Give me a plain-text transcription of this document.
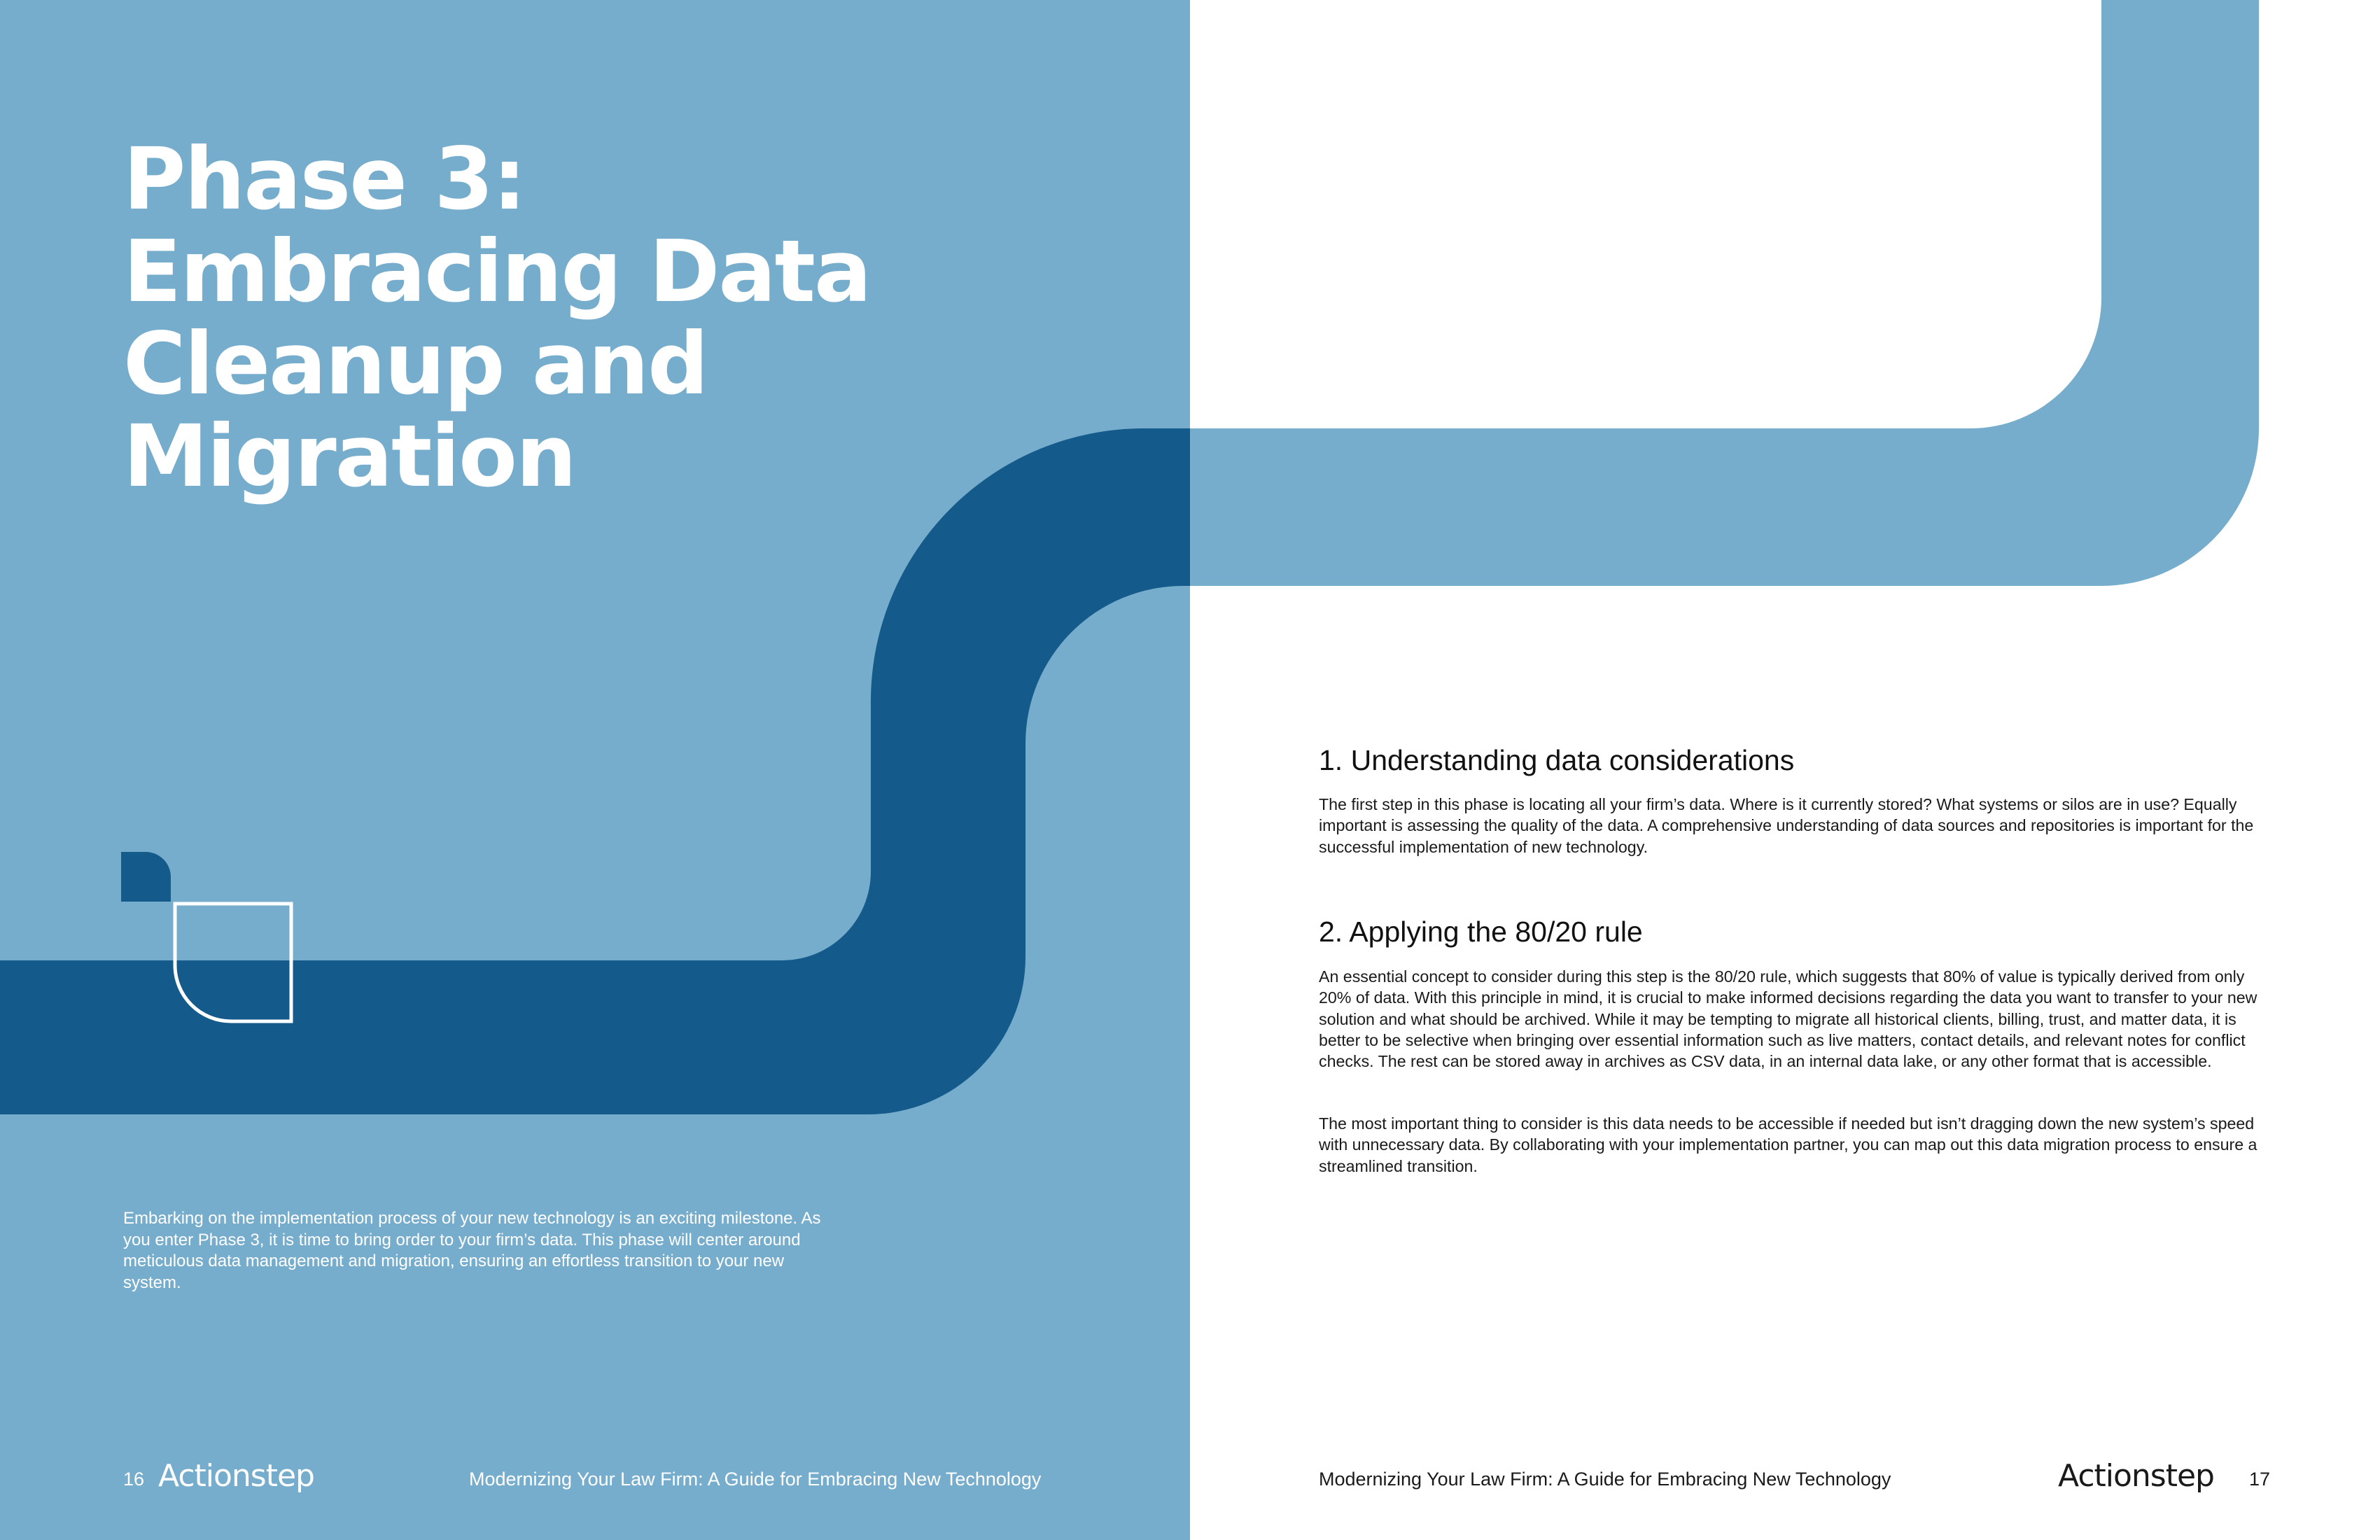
Phase 3:
Embracing Data
Cleanup and
Migration

Embarking on the implementation process of your new technology is an exciting milestone. As you enter Phase 3, it is time to bring order to your firm’s data. This phase will center around meticulous data management and migration, ensuring an effortless transition to your new system.

1. Understanding data considerations

The first step in this phase is locating all your firm’s data. Where is it currently stored? What systems or silos are in use? Equally important is assessing the quality of the data. A comprehensive understanding of data sources and repositories is important for the successful implementation of new technology.

2. Applying the 80/20 rule

An essential concept to consider during this step is the 80/20 rule, which suggests that 80% of value is typically derived from only 20% of data. With this principle in mind, it is crucial to make informed decisions regarding the data you want to transfer to your new solution and what should be archived. While it may be tempting to migrate all historical clients, billing, trust, and matter data, it is better to be selective when bringing over essential information such as live matters, contact details, and relevant notes for conflict checks. The rest can be stored away in archives as CSV data, in an internal data lake, or any other format that is accessible.

The most important thing to consider is this data needs to be accessible if needed but isn’t dragging down the new system’s speed with unnecessary data. By collaborating with your implementation partner, you can map out this data migration process to ensure a streamlined transition.

16 Actionstep	Modernizing Your Law Firm: A Guide for Embracing New Technology	Modernizing Your Law Firm: A Guide for Embracing New Technology	Actionstep 17
